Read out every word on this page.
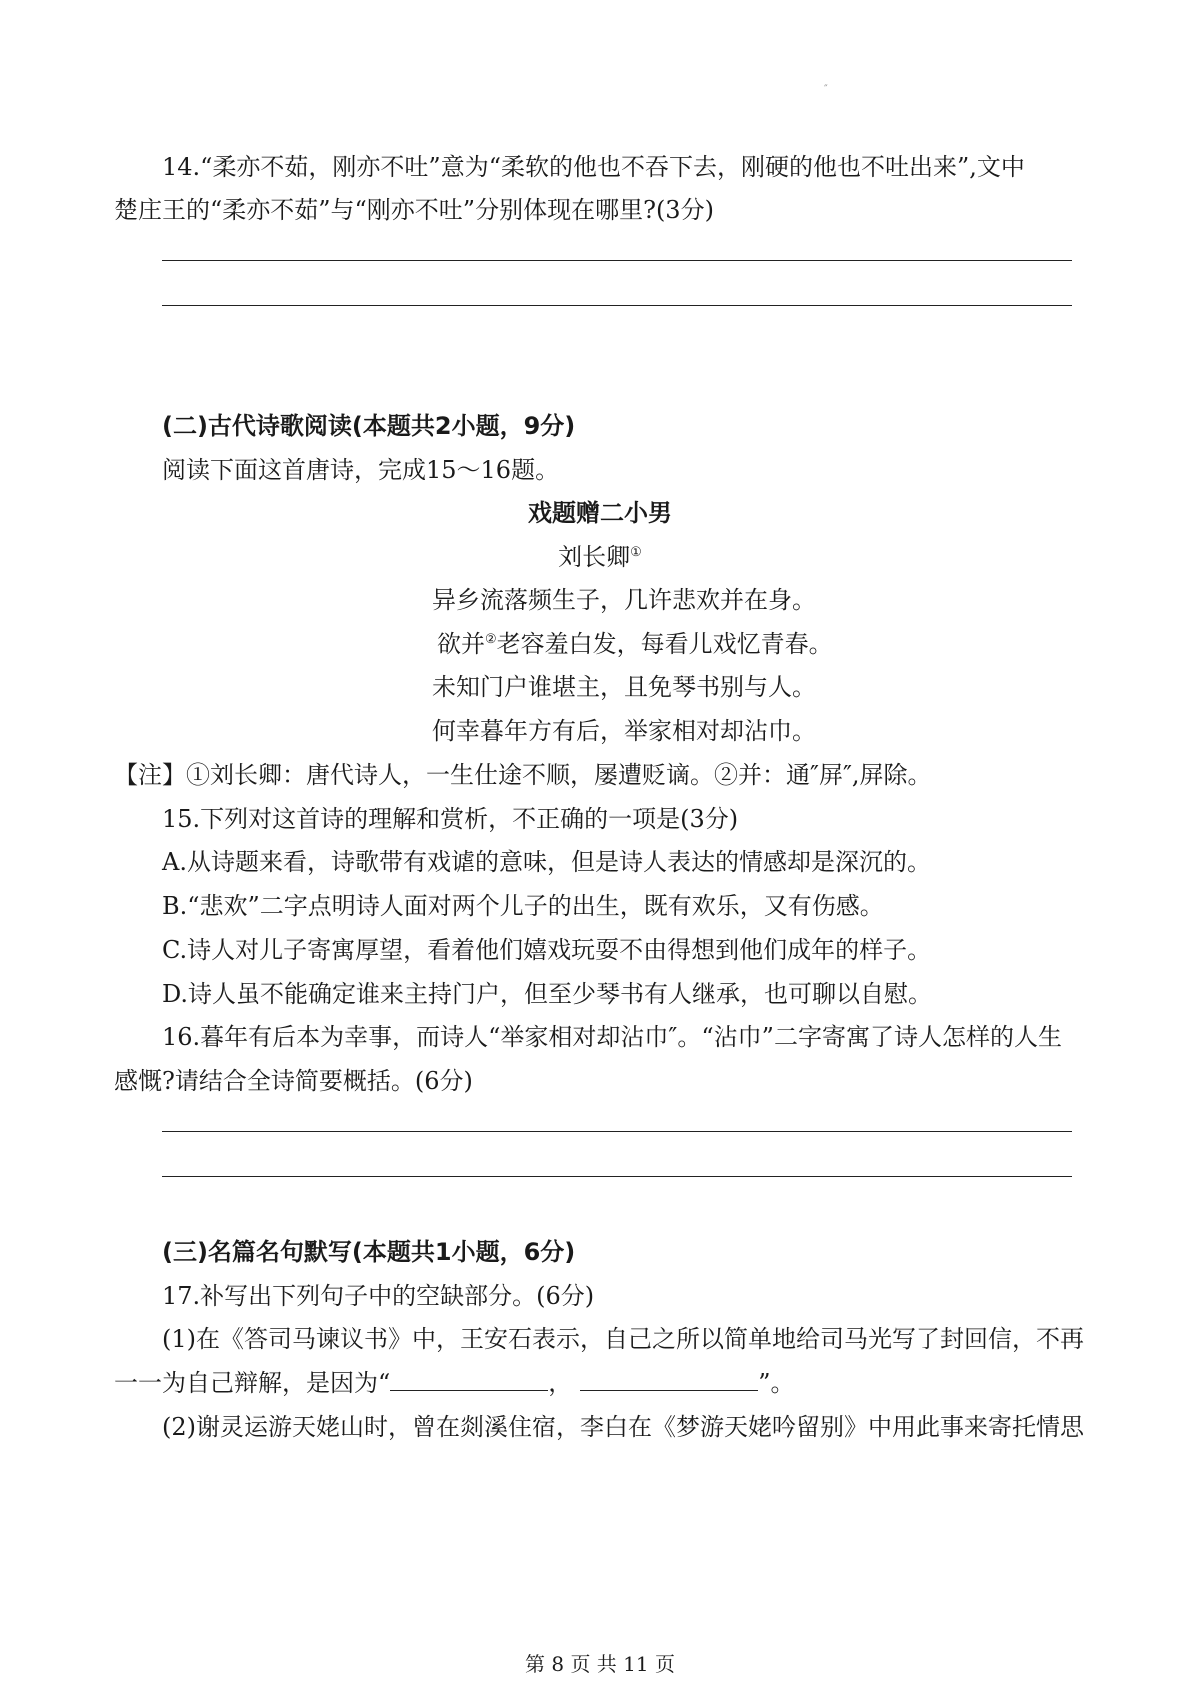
″
14.“柔亦不茹，刚亦不吐”意为“柔软的他也不吞下去，刚硬的他也不吐出来”,文中
楚庄王的“柔亦不茹”与“刚亦不吐”分别体现在哪里?(3分)
(二)古代诗歌阅读(本题共2小题，9分)
阅读下面这首唐诗，完成15～16题。
戏题赠二小男
刘长卿①
异乡流落频生子，几许悲欢并在身。
欲并②老容羞白发，每看儿戏忆青春。
未知门户谁堪主，且免琴书别与人。
何幸暮年方有后，举家相对却沾巾。
【注】①刘长卿：唐代诗人，一生仕途不顺，屡遭贬谪。②并：通″屏″,屏除。
15.下列对这首诗的理解和赏析，不正确的一项是(3分)
A.从诗题来看，诗歌带有戏谑的意味，但是诗人表达的情感却是深沉的。
B.“悲欢”二字点明诗人面对两个儿子的出生，既有欢乐，又有伤感。
C.诗人对儿子寄寓厚望，看着他们嬉戏玩耍不由得想到他们成年的样子。
D.诗人虽不能确定谁来主持门户，但至少琴书有人继承，也可聊以自慰。
16.暮年有后本为幸事，而诗人“举家相对却沾巾″。“沾巾”二字寄寓了诗人怎样的人生
感慨?请结合全诗简要概括。(6分)
(三)名篇名句默写(本题共1小题，6分)
17.补写出下列句子中的空缺部分。(6分)
(1)在《答司马谏议书》中，王安石表示，自己之所以简单地给司马光写了封回信，不再
一一为自己辩解，是因为“	，	”。
(2)谢灵运游天姥山时，曾在剡溪住宿，李白在《梦游天姥吟留别》中用此事来寄托情思
第 8 页 共 11 页
